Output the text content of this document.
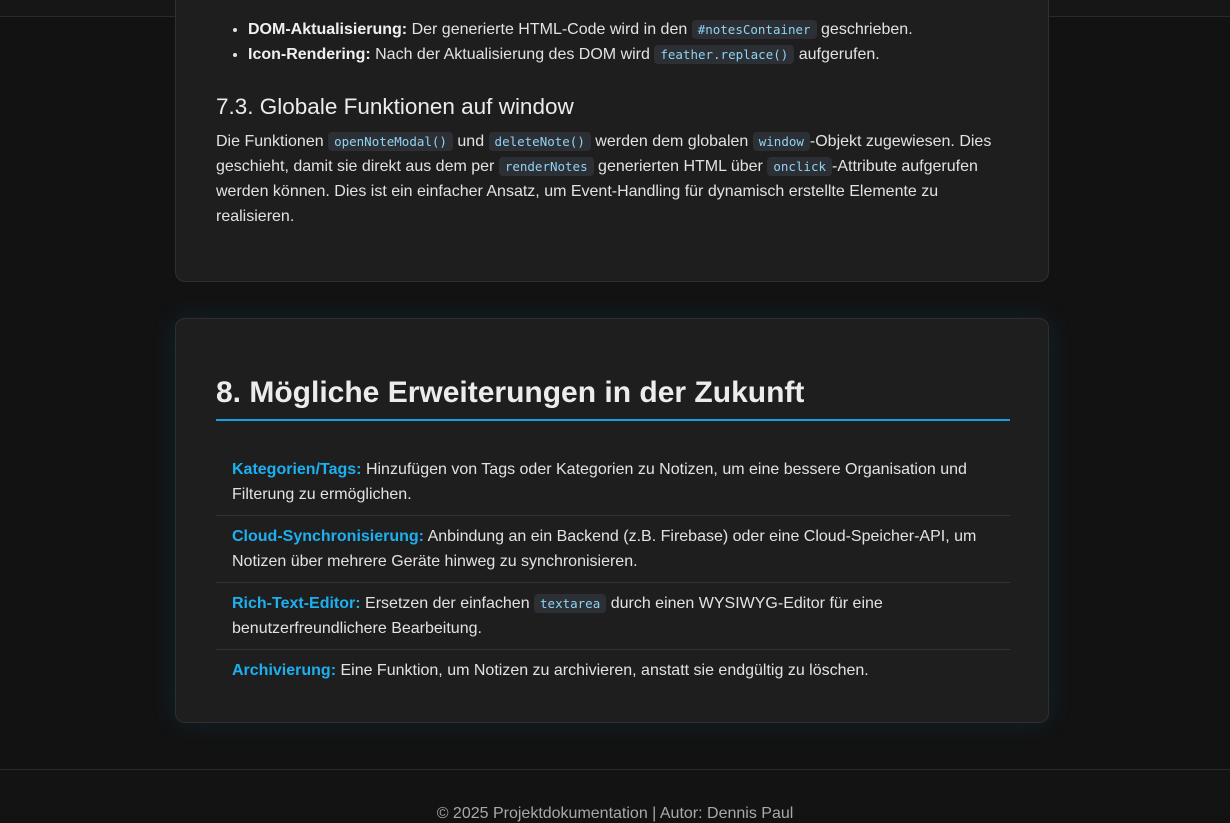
• DOM-Aktualisierung: Der generierte HTML-Code wird in den #notesContainer geschrieben.
• Icon-Rendering: Nach der Aktualisierung des DOM wird feather.replace() aufgerufen.
7.3. Globale Funktionen auf window

Die Funktionen openNoteModal() und deleteNote() werden dem globalen window -Objekt zugewiesen. Dies geschieht, damit sie direkt aus dem per renderNotes generierten HTML über onclick -Attribute aufgerufen werden können. Dies ist ein einfacher Ansatz, um Event-Handling für dynamisch erstellte Elemente zu realisieren.

8. Mögliche Erweiterungen in der Zukunft
Kategorien/Tags: Hinzufügen von Tags oder Kategorien zu Notizen, um eine bessere Organisation und Filterung zu ermöglichen.
Cloud-Synchronisierung: Anbindung an ein Backend (z.B. Firebase) oder eine Cloud-Speicher-API, um Notizen über mehrere Geräte hinweg zu synchronisieren.
Rich-Text-Editor: Ersetzen der einfachen textarea durch einen WYSIWYG-Editor für eine benutzerfreundlichere Bearbeitung.
Archivierung: Eine Funktion, um Notizen zu archivieren, anstatt sie endgültig zu löschen.
© 2025 Projektdokumentation | Autor: Dennis Paul
